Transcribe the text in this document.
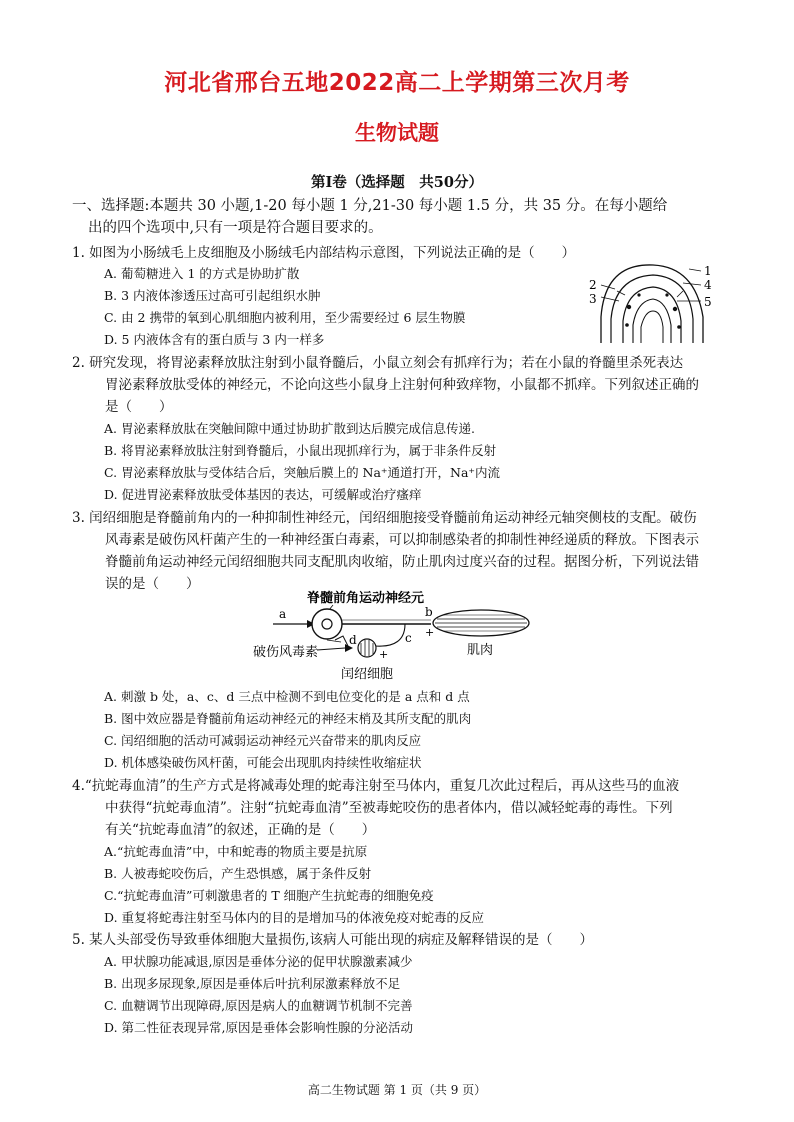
河北省邢台五地2022高二上学期第三次月考
生物试题
第Ⅰ卷（选择题　共50分）
一、选择题:本题共 30 小题,1-20 每小题 1 分,21-30 每小题 1.5 分，共 35 分。在每小题给
出的四个选项中,只有一项是符合题目要求的。
1. 如图为小肠绒毛上皮细胞及小肠绒毛内部结构示意图，下列说法正确的是（　　）
A. 葡萄糖进入 1 的方式是协助扩散
B. 3 内液体渗透压过高可引起组织水肿
C. 由 2 携带的氧到心肌细胞内被利用，至少需要经过 6 层生物膜
D. 5 内液体含有的蛋白质与 3 内一样多
1
4
5
2
3
2. 研究发现，将胃泌素释放肽注射到小鼠脊髓后，小鼠立刻会有抓痒行为；若在小鼠的脊髓里杀死表达
胃泌素释放肽受体的神经元，不论向这些小鼠身上注射何种致痒物，小鼠都不抓痒。下列叙述正确的
是（　　）
A. 胃泌素释放肽在突触间隙中通过协助扩散到达后膜完成信息传递.
B. 将胃泌素释放肽注射到脊髓后，小鼠出现抓痒行为，属于非条件反射
C. 胃泌素释放肽与受体结合后，突触后膜上的 Na⁺通道打开，Na⁺内流
D. 促进胃泌素释放肽受体基因的表达，可缓解或治疗瘙痒
3. 闰绍细胞是脊髓前角内的一种抑制性神经元，闰绍细胞接受脊髓前角运动神经元轴突侧枝的支配。破伤
风毒素是破伤风杆菌产生的一种神经蛋白毒素，可以抑制感染者的抑制性神经递质的释放。下图表示
脊髓前角运动神经元闰绍细胞共同支配肌肉收缩，防止肌肉过度兴奋的过程。据图分析，下列说法错
误的是（　　）
脊髓前角运动神经元
a	b
+
c
d
+
破伤风毒素
闰绍细胞
肌肉
A. 刺激 b 处，a、c、d 三点中检测不到电位变化的是 a 点和 d 点
B. 图中效应器是脊髓前角运动神经元的神经末梢及其所支配的肌肉
C. 闰绍细胞的活动可减弱运动神经元兴奋带来的肌肉反应
D. 机体感染破伤风杆菌，可能会出现肌肉持续性收缩症状
4.“抗蛇毒血清”的生产方式是将减毒处理的蛇毒注射至马体内，重复几次此过程后，再从这些马的血液
中获得“抗蛇毒血清”。注射“抗蛇毒血清”至被毒蛇咬伤的患者体内，借以减轻蛇毒的毒性。下列
有关“抗蛇毒血清”的叙述，正确的是（　　）
A.“抗蛇毒血清”中，中和蛇毒的物质主要是抗原
B. 人被毒蛇咬伤后，产生恐惧感，属于条件反射
C.“抗蛇毒血清”可刺激患者的 T 细胞产生抗蛇毒的细胞免疫
D. 重复将蛇毒注射至马体内的目的是增加马的体液免疫对蛇毒的反应
5. 某人头部受伤导致垂体细胞大量损伤,该病人可能出现的病症及解释错误的是（　　）
A. 甲状腺功能减退,原因是垂体分泌的促甲状腺激素减少
B. 出现多尿现象,原因是垂体后叶抗利尿激素释放不足
C. 血糖调节出现障碍,原因是病人的血糖调节机制不完善
D. 第二性征表现异常,原因是垂体会影响性腺的分泌活动
高二生物试题 第 1 页（共 9 页）
